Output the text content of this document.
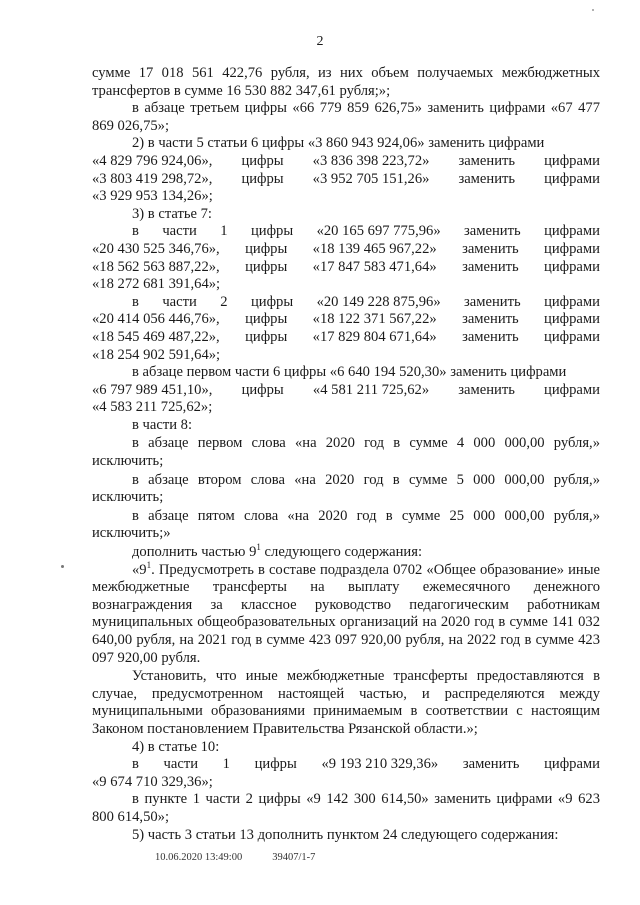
2

сумме 17 018 561 422,76 рубля, из них объем получаемых межбюджетных трансфертов в сумме 16 530 882 347,61 рубля;»;

в абзаце третьем цифры «66 779 859 626,75» заменить цифрами «67 477 869 026,75»;

2) в части 5 статьи 6 цифры «3 860 943 924,06» заменить цифрами

«4 829 796 924,06», цифры «3 836 398 223,72» заменить цифрами
«3 803 419 298,72», цифры «3 952 705 151,26» заменить цифрами

«3 929 953 134,26»;

3) в статье 7:

в части 1 цифры «20 165 697 775,96» заменить цифрами
«20 430 525 346,76», цифры «18 139 465 967,22» заменить цифрами
«18 562 563 887,22», цифры «17 847 583 471,64» заменить цифрами

«18 272 681 391,64»;

в части 2 цифры «20 149 228 875,96» заменить цифрами
«20 414 056 446,76», цифры «18 122 371 567,22» заменить цифрами
«18 545 469 487,22», цифры «17 829 804 671,64» заменить цифрами

«18 254 902 591,64»;

в абзаце первом части 6 цифры «6 640 194 520,30» заменить цифрами

«6 797 989 451,10», цифры «4 581 211 725,62» заменить цифрами

«4 583 211 725,62»;

в части 8:

в абзаце первом слова «на 2020 год в сумме 4 000 000,00 рубля,» исключить;

в абзаце втором слова «на 2020 год в сумме 5 000 000,00 рубля,» исключить;

в абзаце пятом слова «на 2020 год в сумме 25 000 000,00 рубля,» исключить;»

дополнить частью $9^1$ следующего содержания:

«$9^1$. Предусмотреть в составе подраздела 0702 «Общее образование» иные межбюджетные трансферты на выплату ежемесячного денежного вознаграждения за классное руководство педагогическим работникам муниципальных общеобразовательных организаций на 2020 год в сумме 141 032 640,00 рубля, на 2021 год в сумме 423 097 920,00 рубля, на 2022 год в сумме 423 097 920,00 рубля.

Установить, что иные межбюджетные трансферты предоставляются в случае, предусмотренном настоящей частью, и распределяются между муниципальными образованиями принимаемым в соответствии с настоящим Законом постановлением Правительства Рязанской области.»;

4) в статье 10:

в части 1 цифры «9 193 210 329,36» заменить цифрами

«9 674 710 329,36»;

в пункте 1 части 2 цифры «9 142 300 614,50» заменить цифрами «9 623 800 614,50»;

5) часть 3 статьи 13 дополнить пунктом 24 следующего содержания:

10.06.2020 13:49:00	39407/1-7
